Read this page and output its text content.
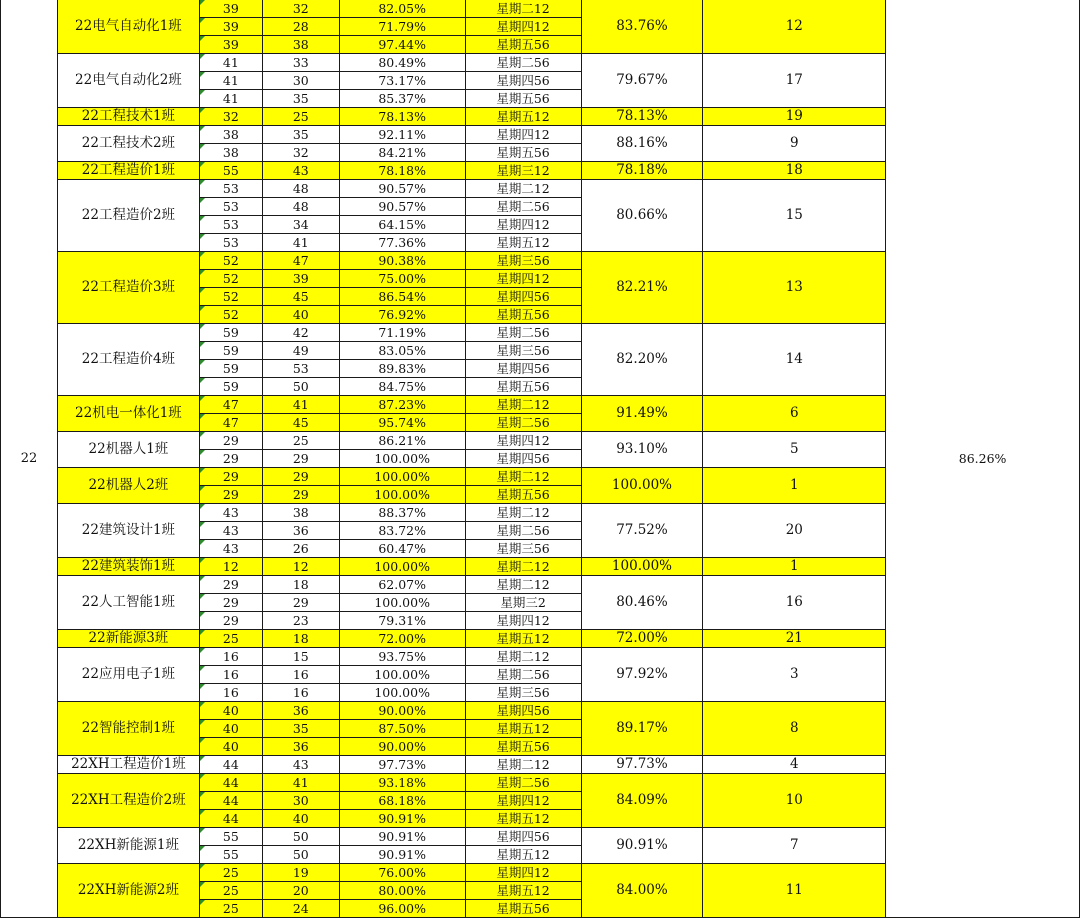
22	22电气自动化1班	39	32	82.05%	星期二12	83.76%	12	86.26%
		39	28	71.79%	星期四12			
		39	38	97.44%	星期五56			
	22电气自动化2班	41	33	80.49%	星期二56	79.67%	17	
		41	30	73.17%	星期四56			
		41	35	85.37%	星期五56			
	22工程技术1班	32	25	78.13%	星期五12	78.13%	19	
	22工程技术2班	38	35	92.11%	星期四12	88.16%	9	
		38	32	84.21%	星期五56			
	22工程造价1班	55	43	78.18%	星期三12	78.18%	18	
	22工程造价2班	53	48	90.57%	星期二12	80.66%	15	
		53	48	90.57%	星期二56			
		53	34	64.15%	星期四12			
		53	41	77.36%	星期五12			
	22工程造价3班	52	47	90.38%	星期三56	82.21%	13	
		52	39	75.00%	星期四12			
		52	45	86.54%	星期四56			
		52	40	76.92%	星期五56			
	22工程造价4班	59	42	71.19%	星期二56	82.20%	14	
		59	49	83.05%	星期三56			
		59	53	89.83%	星期四56			
		59	50	84.75%	星期五56			
	22机电一体化1班	47	41	87.23%	星期二12	91.49%	6	
		47	45	95.74%	星期二56			
	22机器人1班	29	25	86.21%	星期四12	93.10%	5	
		29	29	100.00%	星期四56			
	22机器人2班	29	29	100.00%	星期二12	100.00%	1	
		29	29	100.00%	星期五56			
	22建筑设计1班	43	38	88.37%	星期二12	77.52%	20	
		43	36	83.72%	星期二56			
		43	26	60.47%	星期三56			
	22建筑装饰1班	12	12	100.00%	星期二12	100.00%	1	
	22人工智能1班	29	18	62.07%	星期二12	80.46%	16	
		29	29	100.00%	星期三2			
		29	23	79.31%	星期四12			
	22新能源3班	25	18	72.00%	星期五12	72.00%	21	
	22应用电子1班	16	15	93.75%	星期二12	97.92%	3	
		16	16	100.00%	星期二56			
		16	16	100.00%	星期三56			
	22智能控制1班	40	36	90.00%	星期四56	89.17%	8	
		40	35	87.50%	星期五12			
		40	36	90.00%	星期五56			
	22XH工程造价1班	44	43	97.73%	星期二12	97.73%	4	
	22XH工程造价2班	44	41	93.18%	星期二56	84.09%	10	
		44	30	68.18%	星期四12			
		44	40	90.91%	星期五12			
	22XH新能源1班	55	50	90.91%	星期四56	90.91%	7	
		55	50	90.91%	星期五12			
	22XH新能源2班	25	19	76.00%	星期四12	84.00%	11	
		25	20	80.00%	星期五12			
		25	24	96.00%	星期五56			
